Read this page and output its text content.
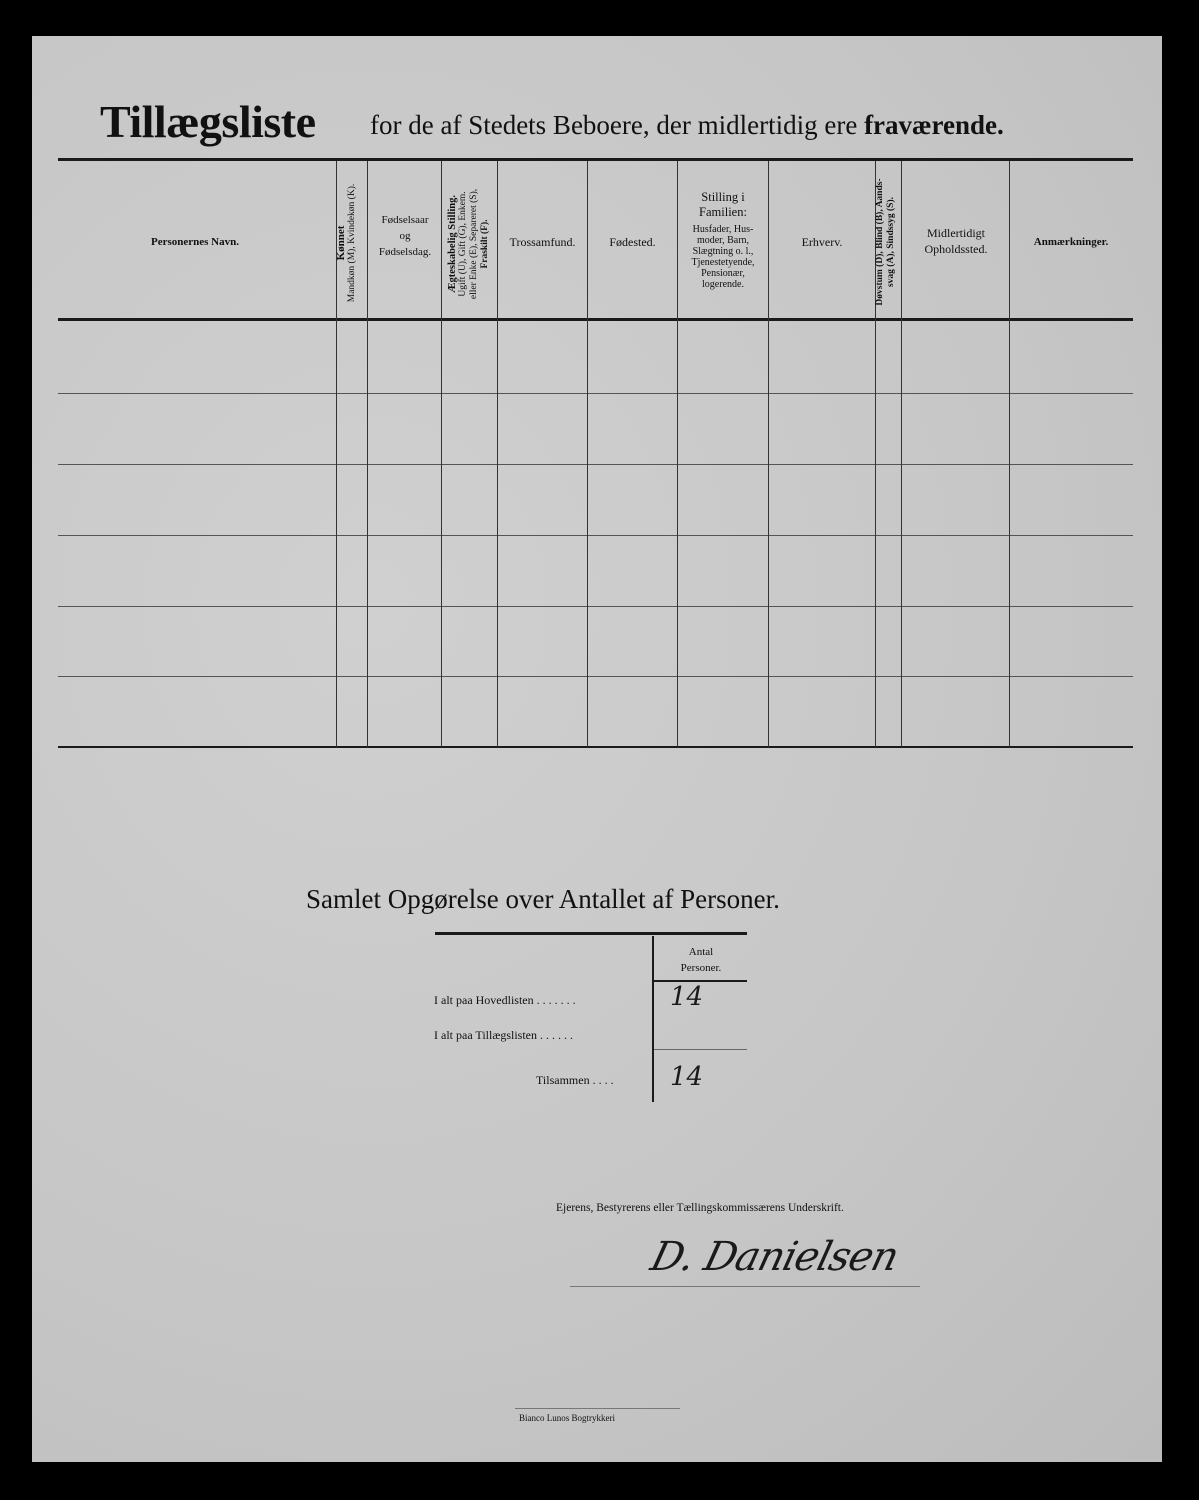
Tillægsliste for de af Stedets Beboere, der midlertidig ere fraværende.
Personernes Navn.	Kønnet Mandkøn (M), Kvindekøn (K).	Fødselsaar
og
Fødselsdag.	Ægteskabelig Stilling. Ugift (U), Gift (G), Enkem. eller Enke (E), Separeret (S), Fraskilt (F).	Trossamfund.	Fødested.
Stilling i
Familien:
Husfader, Hus-
moder, Barn,
Slægtning o. l.,
Tjenestetyende,
Pensionær,
logerende.
Erhverv.	Døvstum (D), Blind (B), Aands- svag (A), Sindssyg (S).	Midlertidigt
Opholdssted.	Anmærkninger.
Samlet Opgørelse over Antallet af Personer.
Antal
Personer.
I alt paa Hovedlisten . . . . . . .	14
I alt paa Tillægslisten . . . . . .
Tilsammen . . . . 14
Ejerens, Bestyrerens eller Tællingskommissærens Underskrift.
D. Danielsen
Bianco Lunos Bogtrykkeri
